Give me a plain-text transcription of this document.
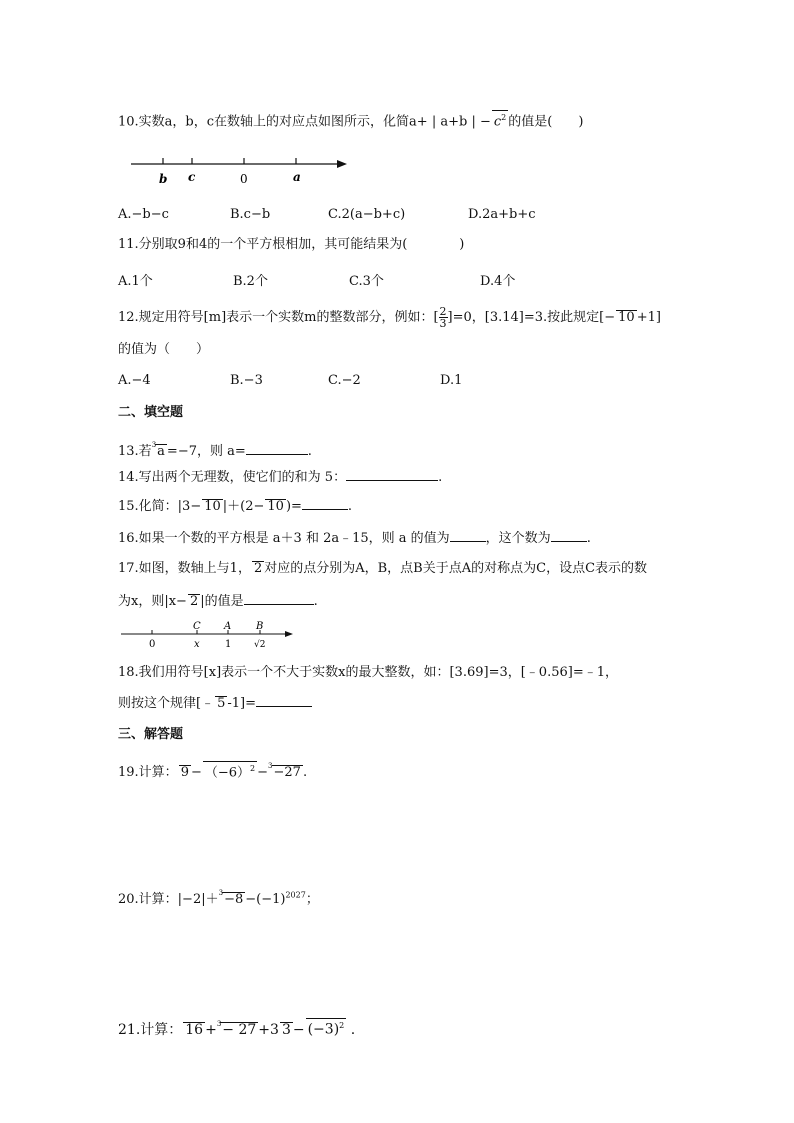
10.实数a，b，c在数轴上的对应点如图所示，化简a+ | a+b | − $c^2$ 的值是(　　)
b c	0	a
A.−b−c	B.c−b	C.2(a−b+c)	D.2a+b+c
11.分别取9和4的一个平方根相加，其可能结果为(　　　　)
A.1个	B.2个	C.3个	D.4个
12.规定用符号[m]表示一个实数m的整数部分，例如：[ $\frac{2}{3} ]=0$，[3.14]=3.按此规定[− 10 +1]
的值为（　　）
A.−4	B.−3	C.−2	D.1
二、填空题
13.若$^3$a =−7，则 a=	.
14.写出两个无理数，使它们的和为 5：	.
15.化简：|3− 10 |＋(2− 10 )=	.
16.如果一个数的平方根是 a＋3 和 2a﹣15，则 a 的值为	，这个数为	.
17.如图，数轴上与1， 2 对应的点分别为A，B，点B关于点A的对称点为C，设点C表示的数
为x，则|x− 2 |的值是	.
C A B
0	x	1	√2
18.我们用符号[x]表示一个不大于实数x的最大整数，如：[3.69]=3，[﹣0.56]=﹣1，
则按这个规律[﹣ 5 -1]=
三、解答题
19.计算： $9 - (-6)^2 -^3-27$ .
20.计算：$|-2|+^3-8 -(-1)^{2027}$；
21.计算： 16 +$^3$− 27 +3 $3 - (-3)^2$ .
